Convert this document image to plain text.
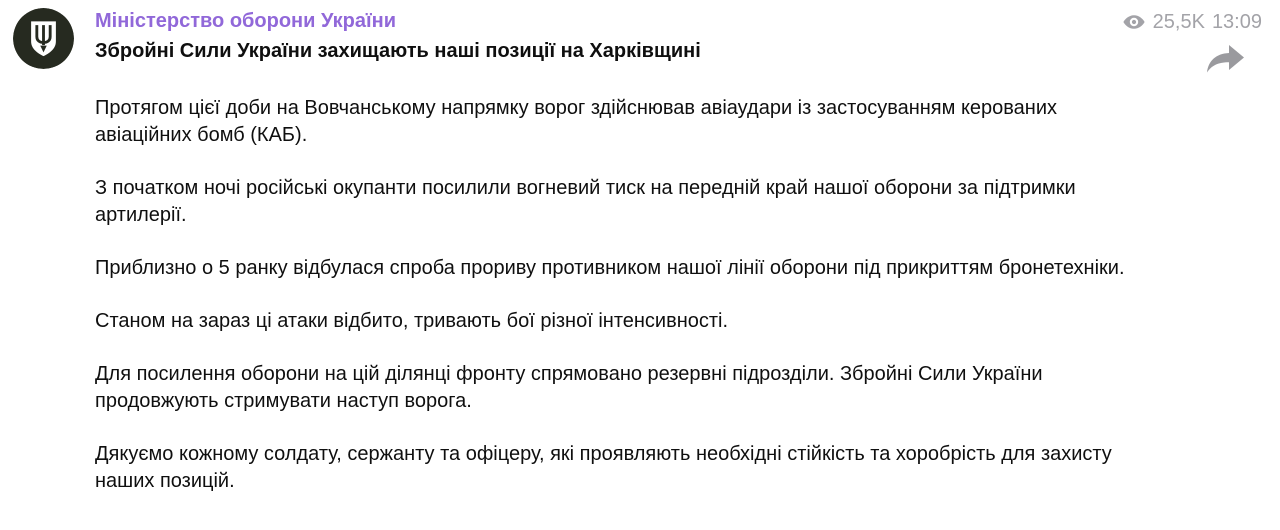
Міністерство оборони України
Збройні Сили України захищають наші позиції на Харківщині

Протягом цієї доби на Вовчанському напрямку ворог здійснював авіаудари із застосуванням керованих авіаційних бомб (КАБ).

З початком ночі російські окупанти посилили вогневий тиск на передній край нашої оборони за підтримки артилерії.

Приблизно о 5 ранку відбулася спроба прориву противником нашої лінії оборони під прикриттям бронетехніки.

Станом на зараз ці атаки відбито, тривають бої різної інтенсивності.

Для посилення оборони на цій ділянці фронту спрямовано резервні підрозділи. Збройні Сили України продовжують стримувати наступ ворога.

Дякуємо кожному солдату, сержанту та офіцеру, які проявляють необхідні стійкість та хоробрість для захисту наших позицій.

25,5K 13:09
